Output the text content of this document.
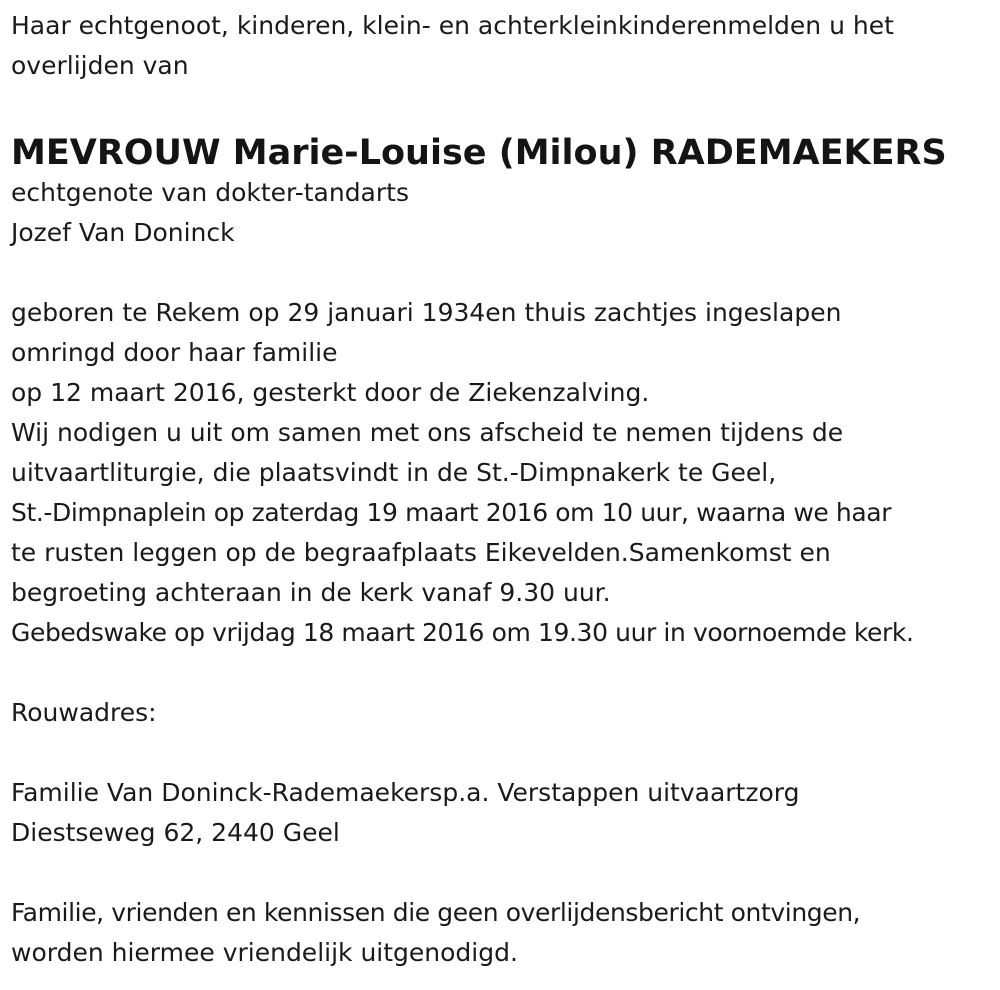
Haar echtgenoot, kinderen, klein- en achterkleinkinderenmelden u het
overlijden van
MEVROUW Marie-Louise (Milou) RADEMAEKERS
echtgenote van dokter-tandarts
Jozef Van Doninck
geboren te Rekem op 29 januari 1934en thuis zachtjes ingeslapen
omringd door haar familie
op 12 maart 2016, gesterkt door de Ziekenzalving.
Wij nodigen u uit om samen met ons afscheid te nemen tijdens de
uitvaartliturgie, die plaatsvindt in de St.-Dimpnakerk te Geel,
St.-Dimpnaplein op zaterdag 19 maart 2016 om 10 uur, waarna we haar
te rusten leggen op de begraafplaats Eikevelden.Samenkomst en
begroeting achteraan in de kerk vanaf 9.30 uur.
Gebedswake op vrijdag 18 maart 2016 om 19.30 uur in voornoemde kerk.
Rouwadres:
Familie Van Doninck-Rademaekersp.a. Verstappen uitvaartzorg
Diestseweg 62, 2440 Geel
Familie, vrienden en kennissen die geen overlijdensbericht ontvingen,
worden hiermee vriendelijk uitgenodigd.
